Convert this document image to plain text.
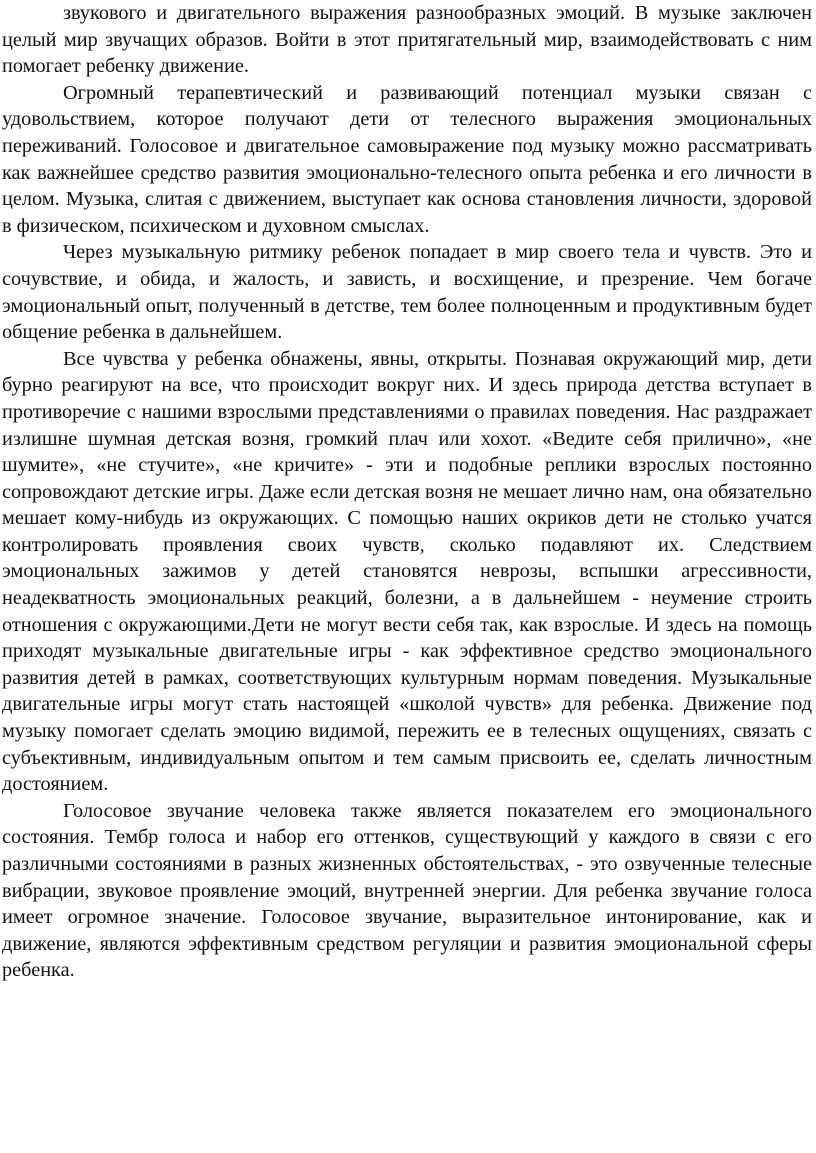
звукового и двигательного выражения разнообразных эмоций. В музыке заключен целый мир звучащих образов. Войти в этот притягательный мир, взаимодействовать с ним помогает ребенку движение.

Огромный терапевтический и развивающий потенциал музыки связан с удовольствием, которое получают дети от телесного выражения эмоциональных переживаний. Голосовое и двигательное самовыражение под музыку можно рассматривать как важнейшее средство развития эмоционально-телесного опыта ребенка и его личности в целом. Музыка, слитая с движением, выступает как основа становления личности, здоровой в физическом, психическом и духовном смыслах.

Через музыкальную ритмику ребенок попадает в мир своего тела и чувств. Это и сочувствие, и обида, и жалость, и зависть, и восхищение, и презрение. Чем богаче эмоциональный опыт, полученный в детстве, тем более полноценным и продуктивным будет общение ребенка в дальнейшем.

Все чувства у ребенка обнажены, явны, открыты. Познавая окружающий мир, дети бурно реагируют на все, что происходит вокруг них. И здесь природа детства вступает в противоречие с нашими взрослыми представлениями о правилах поведения. Нас раздражает излишне шумная детская возня, громкий плач или хохот. «Ведите себя прилично», «не шумите», «не стучите», «не кричите» - эти и подобные реплики взрослых постоянно сопровождают детские игры. Даже если детская возня не мешает лично нам, она обязательно мешает кому-нибудь из окружающих. С помощью наших окриков дети не столько учатся контролировать проявления своих чувств, сколько подавляют их. Следствием эмоциональных зажимов у детей становятся неврозы, вспышки агрессивности, неадекватность эмоциональных реакций, болезни, а в дальнейшем - неумение строить отношения с окружающими.Дети не могут вести себя так, как взрослые. И здесь на помощь приходят музыкальные двигательные игры - как эффективное средство эмоционального развития детей в рамках, соответствующих культурным нормам поведения. Музыкальные двигательные игры могут стать настоящей «школой чувств» для ребенка. Движение под музыку помогает сделать эмоцию видимой, пережить ее в телесных ощущениях, связать с субъективным, индивидуальным опытом и тем самым присвоить ее, сделать личностным достоянием.

Голосовое звучание человека также является показателем его эмоционального состояния. Тембр голоса и набор его оттенков, существующий у каждого в связи с его различными состояниями в разных жизненных обстоятельствах, - это озвученные телесные вибрации, звуковое проявление эмоций, внутренней энергии. Для ребенка звучание голоса имеет огромное значение. Голосовое звучание, выразительное интонирование, как и движение, являются эффективным средством регуляции и развития эмоциональной сферы ребенка.
